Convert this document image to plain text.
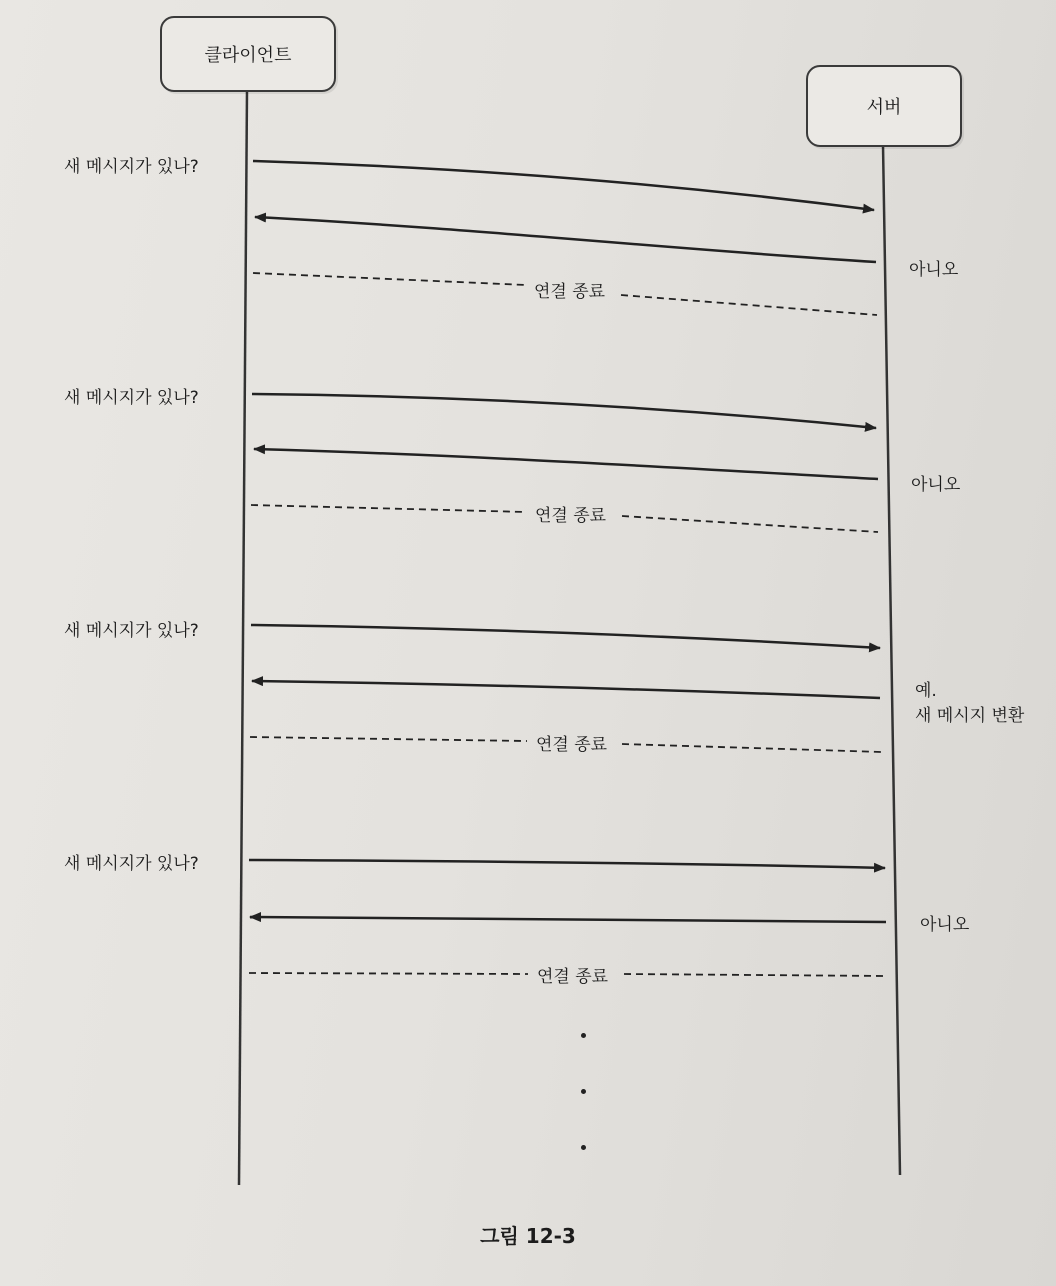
클라이언트
서버
새 메시지가 있나?
아니오
연결 종료
새 메시지가 있나?
아니오
연결 종료
새 메시지가 있나?
예.
새 메시지 변환
연결 종료
새 메시지가 있나?
아니오
연결 종료
그림 12-3
